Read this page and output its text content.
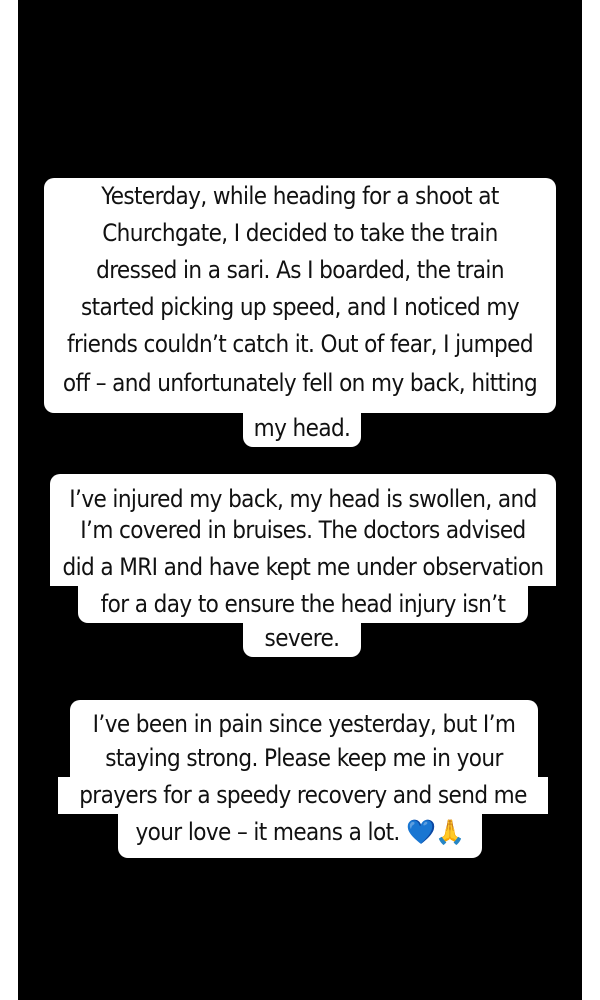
Yesterday, while heading for a shoot at
Churchgate, I decided to take the train
dressed in a sari. As I boarded, the train
started picking up speed, and I noticed my
friends couldn’t catch it. Out of fear, I jumped
off – and unfortunately fell on my back, hitting
my head.
I’ve injured my back, my head is swollen, and
I’m covered in bruises. The doctors advised
did a MRI and have kept me under observation
for a day to ensure the head injury isn’t
severe.
I’ve been in pain since yesterday, but I’m
staying strong. Please keep me in your
prayers for a speedy recovery and send me
your love – it means a lot. 💙🙏
